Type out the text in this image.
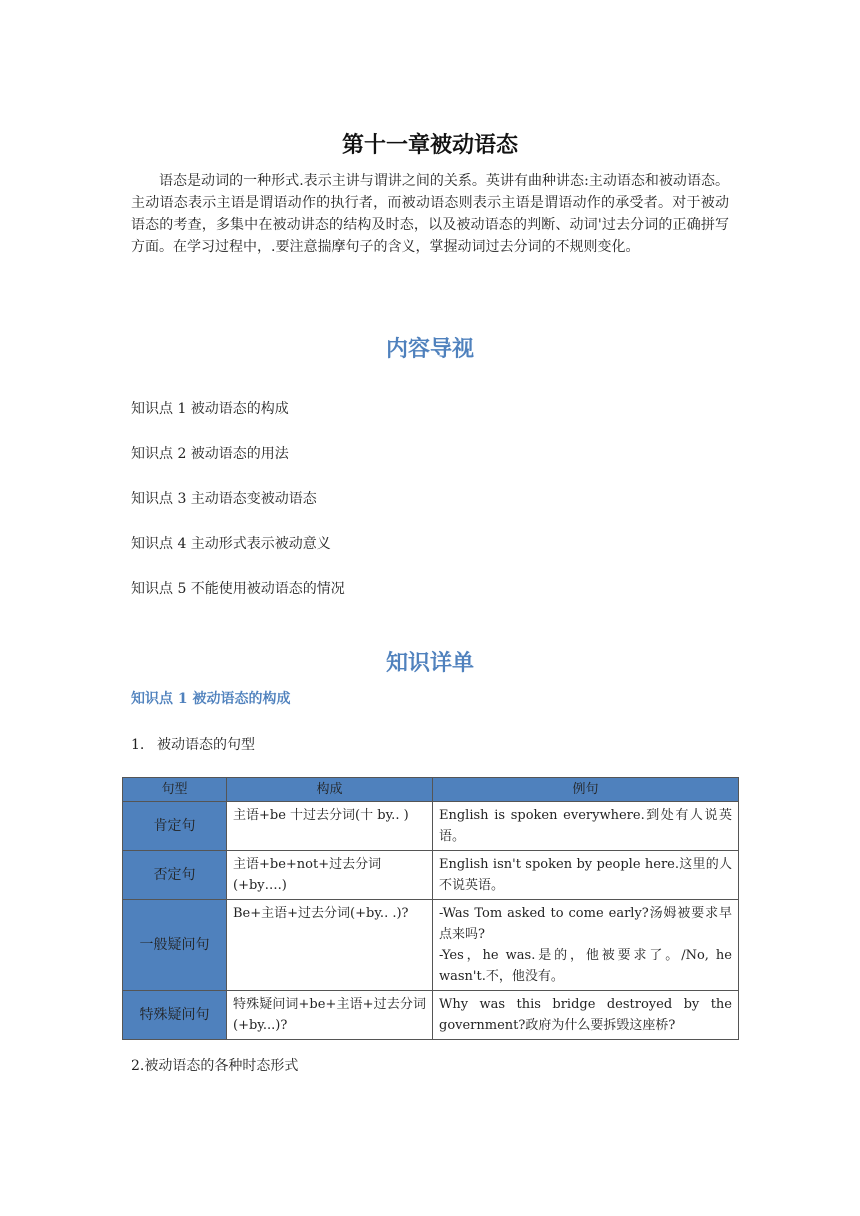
第十一章被动语态

语态是动词的一种形式.表示主讲与谓讲之间的关系。英讲有曲种讲态:主动语态和被动语态。主动语态表示主语是谓语动作的执行者，而被动语态则表示主语是谓语动作的承受者。对于被动语态的考查，多集中在被动讲态的结构及时态，以及被动语态的判断、动词'过去分词的正确拼写方面。在学习过程中，.要注意揣摩句子的含义，掌握动词过去分词的不规则变化。

内容导视

知识点 1 被动语态的构成

知识点 2 被动语态的用法

知识点 3 主动语态变被动语态

知识点 4 主动形式表示被动意义

知识点 5 不能使用被动语态的情况

知识详单

知识点 1 被动语态的构成

1. 被动语态的句型

句型	构成	例句
肯定句	主语+be 十过去分词(十 by.. )	English is spoken everywhere.到处有人说英语。
否定句	主语+be+not+过去分词(+by….)	English isn't spoken by people here.这里的人不说英语。
一般疑问句	Be+主语+过去分词(+by.. .)?	-Was Tom asked to come early?汤姆被要求早点来吗?
-Yes，he was.是的，他被要求了。/No, he wasn't.不，他没有。

特殊疑问句	特殊疑问词+be+主语+过去分词(+by...)?	Why was this bridge destroyed by the government?政府为什么要拆毁这座桥?

2.被动语态的各种时态形式
